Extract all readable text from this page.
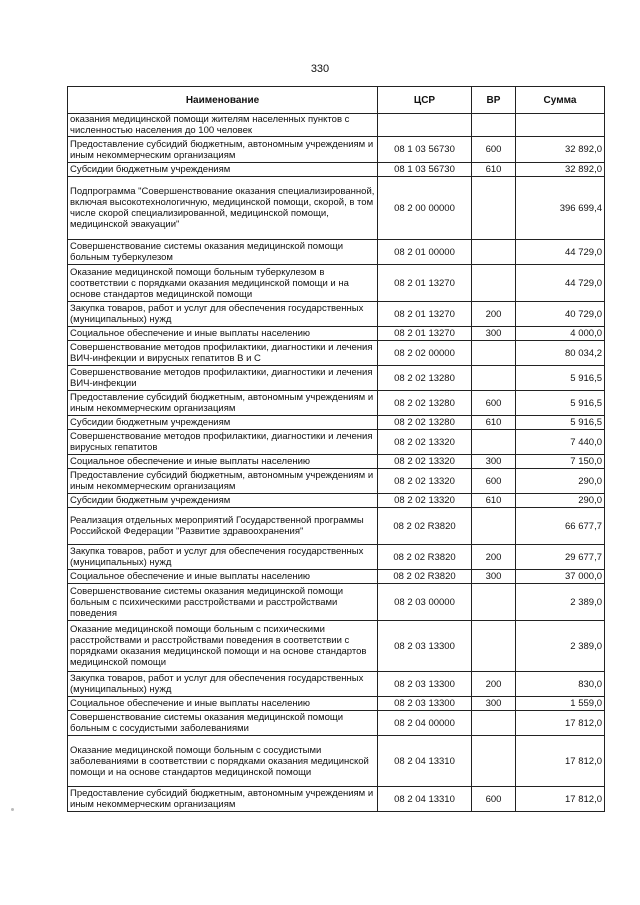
330
Наименование	ЦСР	ВР	Сумма
оказания медицинской помощи жителям населенных пунктов с численностью населения до 100 человек			
Предоставление субсидий бюджетным, автономным учреждениям и иным некоммерческим организациям	08 1 03 56730	600	32 892,0
Субсидии бюджетным учреждениям	08 1 03 56730	610	32 892,0
Подпрограмма "Совершенствование оказания специализированной, включая высокотехнологичную, медицинской помощи, скорой, в том числе скорой специализированной, медицинской помощи, медицинской эвакуации"	08 2 00 00000		396 699,4
Совершенствование системы оказания медицинской помощи больным туберкулезом	08 2 01 00000		44 729,0
Оказание медицинской помощи больным туберкулезом в соответствии с порядками оказания медицинской помощи и на основе стандартов медицинской помощи	08 2 01 13270		44 729,0
Закупка товаров, работ и услуг для обеспечения государственных (муниципальных) нужд	08 2 01 13270	200	40 729,0
Социальное обеспечение и иные выплаты населению	08 2 01 13270	300	4 000,0
Совершенствование методов профилактики, диагностики и лечения ВИЧ-инфекции и вирусных гепатитов B и C	08 2 02 00000		80 034,2
Совершенствование методов профилактики, диагностики и лечения ВИЧ-инфекции	08 2 02 13280		5 916,5
Предоставление субсидий бюджетным, автономным учреждениям и иным некоммерческим организациям	08 2 02 13280	600	5 916,5
Субсидии бюджетным учреждениям	08 2 02 13280	610	5 916,5
Совершенствование методов профилактики, диагностики и лечения вирусных гепатитов	08 2 02 13320		7 440,0
Социальное обеспечение и иные выплаты населению	08 2 02 13320	300	7 150,0
Предоставление субсидий бюджетным, автономным учреждениям и иным некоммерческим организациям	08 2 02 13320	600	290,0
Субсидии бюджетным учреждениям	08 2 02 13320	610	290,0
Реализация отдельных мероприятий Государственной программы Российской Федерации "Развитие здравоохранения"	08 2 02 R3820		66 677,7
Закупка товаров, работ и услуг для обеспечения государственных (муниципальных) нужд	08 2 02 R3820	200	29 677,7
Социальное обеспечение и иные выплаты населению	08 2 02 R3820	300	37 000,0
Совершенствование системы оказания медицинской помощи больным с психическими расстройствами и расстройствами поведения	08 2 03 00000		2 389,0
Оказание медицинской помощи больным с психическими расстройствами и расстройствами поведения в соответствии с порядками оказания медицинской помощи и на основе стандартов медицинской помощи	08 2 03 13300		2 389,0
Закупка товаров, работ и услуг для обеспечения государственных (муниципальных) нужд	08 2 03 13300	200	830,0
Социальное обеспечение и иные выплаты населению	08 2 03 13300	300	1 559,0
Совершенствование системы оказания медицинской помощи больным с сосудистыми заболеваниями	08 2 04 00000		17 812,0
Оказание медицинской помощи больным с сосудистыми заболеваниями в соответствии с порядками оказания медицинской помощи и на основе стандартов медицинской помощи	08 2 04 13310		17 812,0
Предоставление субсидий бюджетным, автономным учреждениям и иным некоммерческим организациям	08 2 04 13310	600	17 812,0
